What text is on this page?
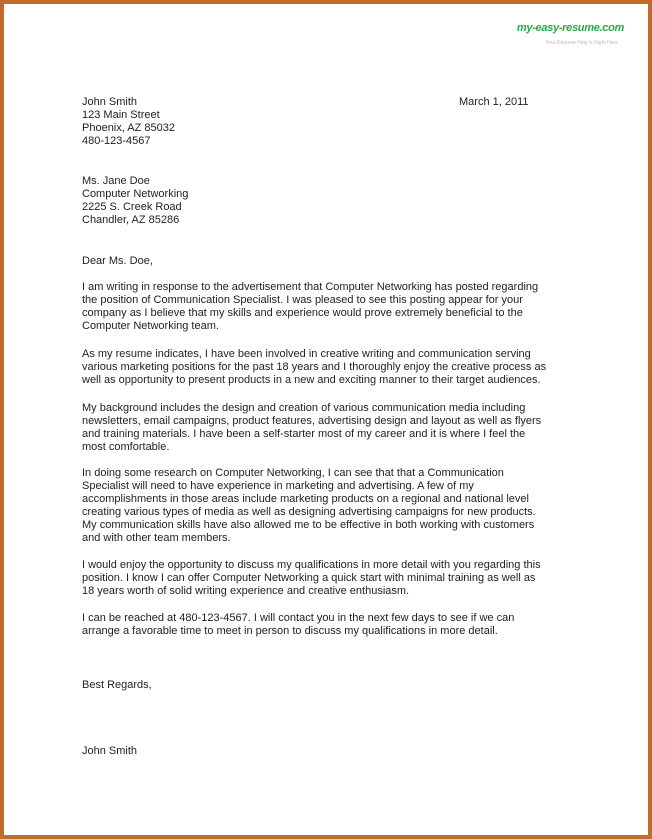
my-easy-resume.com
Your Resume Help Is Right Here
John Smith
123 Main Street
Phoenix, AZ 85032
480-123-4567
March 1, 2011
Ms. Jane Doe
Computer Networking
2225 S. Creek Road
Chandler, AZ 85286
Dear Ms. Doe,
I am writing in response to the advertisement that Computer Networking has posted regarding
the position of Communication Specialist. I was pleased to see this posting appear for your
company as I believe that my skills and experience would prove extremely beneficial to the
Computer Networking team.
As my resume indicates, I have been involved in creative writing and communication serving
various marketing positions for the past 18 years and I thoroughly enjoy the creative process as
well as opportunity to present products in a new and exciting manner to their target audiences.
My background includes the design and creation of various communication media including
newsletters, email campaigns, product features, advertising design and layout as well as flyers
and training materials. I have been a self-starter most of my career and it is where I feel the
most comfortable.
In doing some research on Computer Networking, I can see that that a Communication
Specialist will need to have experience in marketing and advertising. A few of my
accomplishments in those areas include marketing products on a regional and national level
creating various types of media as well as designing advertising campaigns for new products.
My communication skills have also allowed me to be effective in both working with customers
and with other team members.
I would enjoy the opportunity to discuss my qualifications in more detail with you regarding this
position. I know I can offer Computer Networking a quick start with minimal training as well as
18 years worth of solid writing experience and creative enthusiasm.
I can be reached at 480-123-4567. I will contact you in the next few days to see if we can
arrange a favorable time to meet in person to discuss my qualifications in more detail.
Best Regards,
John Smith
